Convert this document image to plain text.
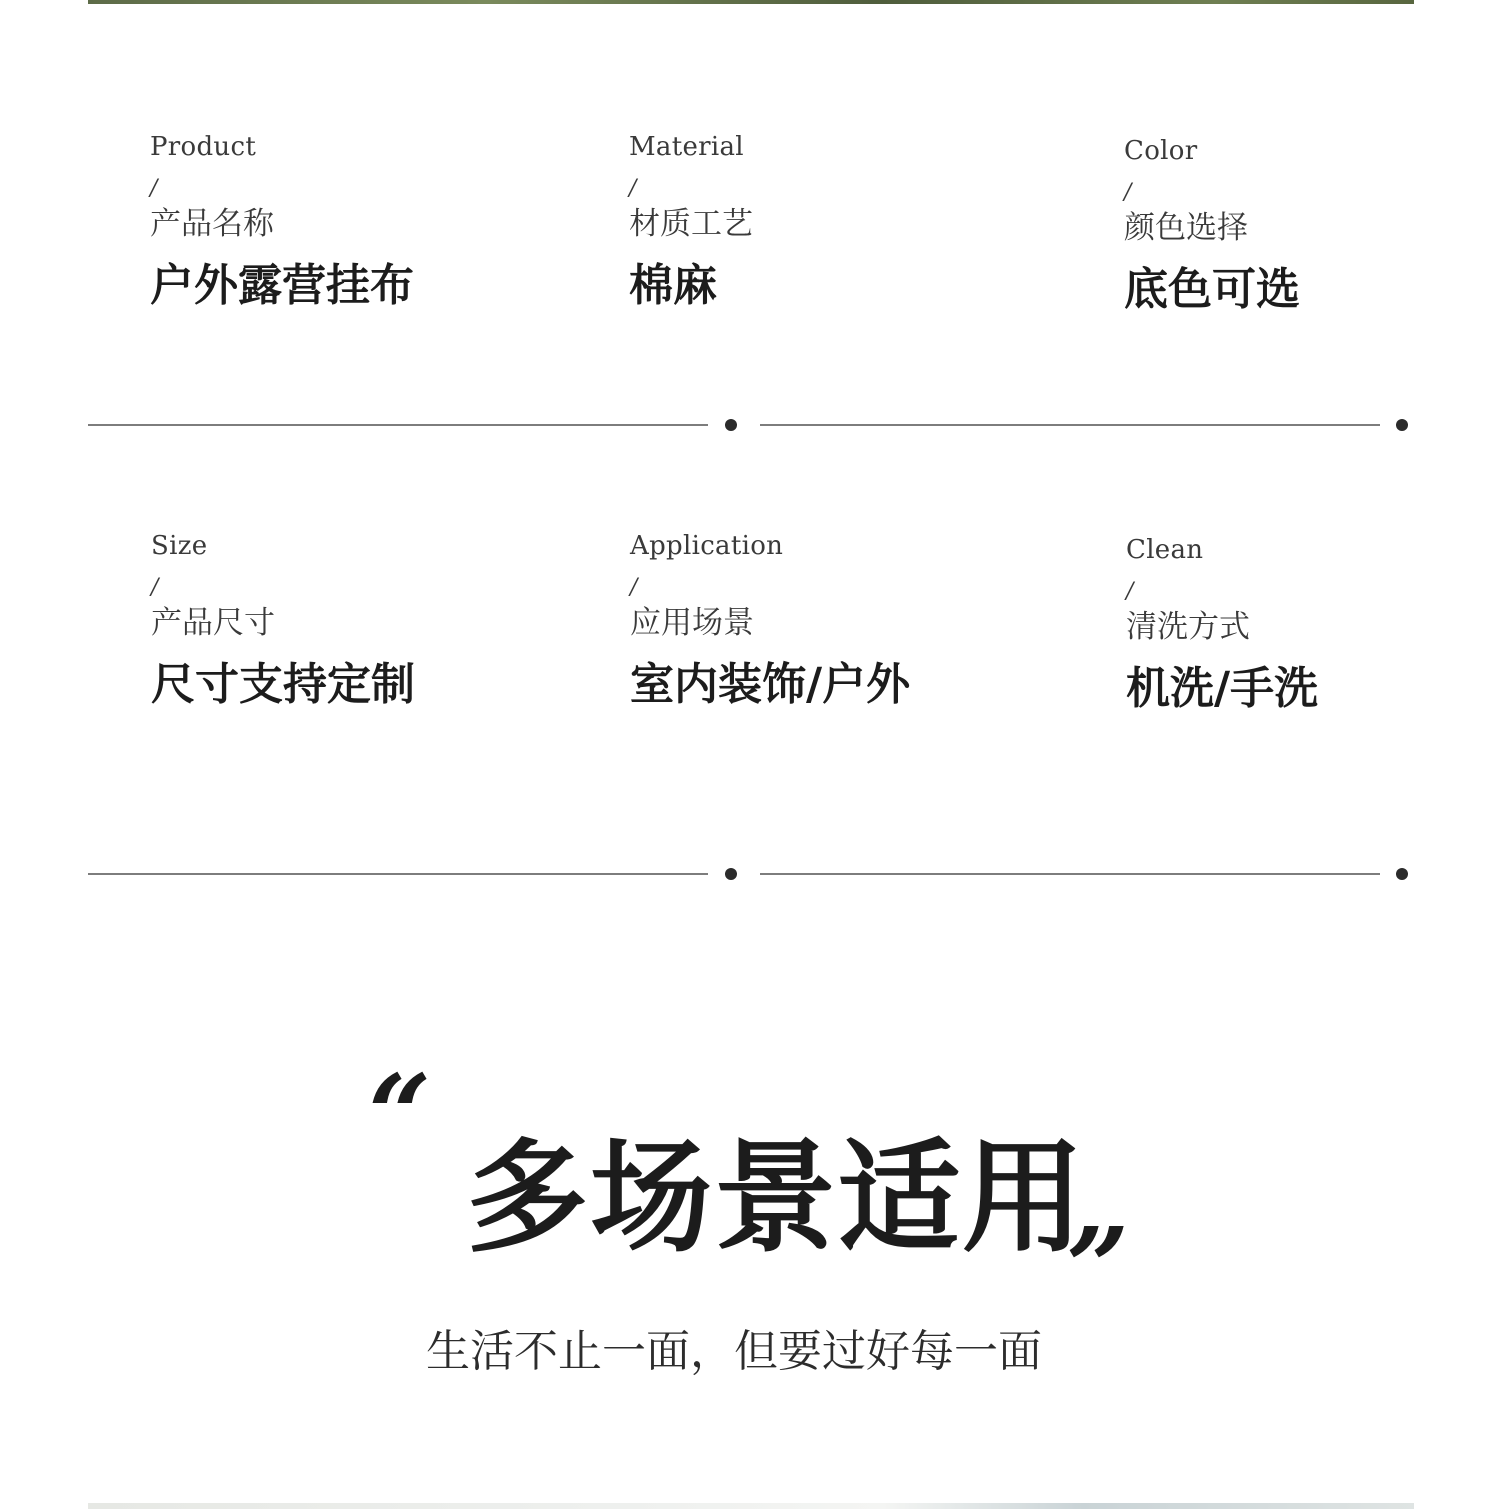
Product
/
产品名称
户外露营挂布
Material
/
材质工艺
棉麻
Color
/
颜色选择
底色可选
Size
/
产品尺寸
尺寸支持定制
Application
/
应用场景
室内装饰/户外
Clean
/
清洗方式
机洗/手洗
“
多场景适用
„
生活不止一面，但要过好每一面
